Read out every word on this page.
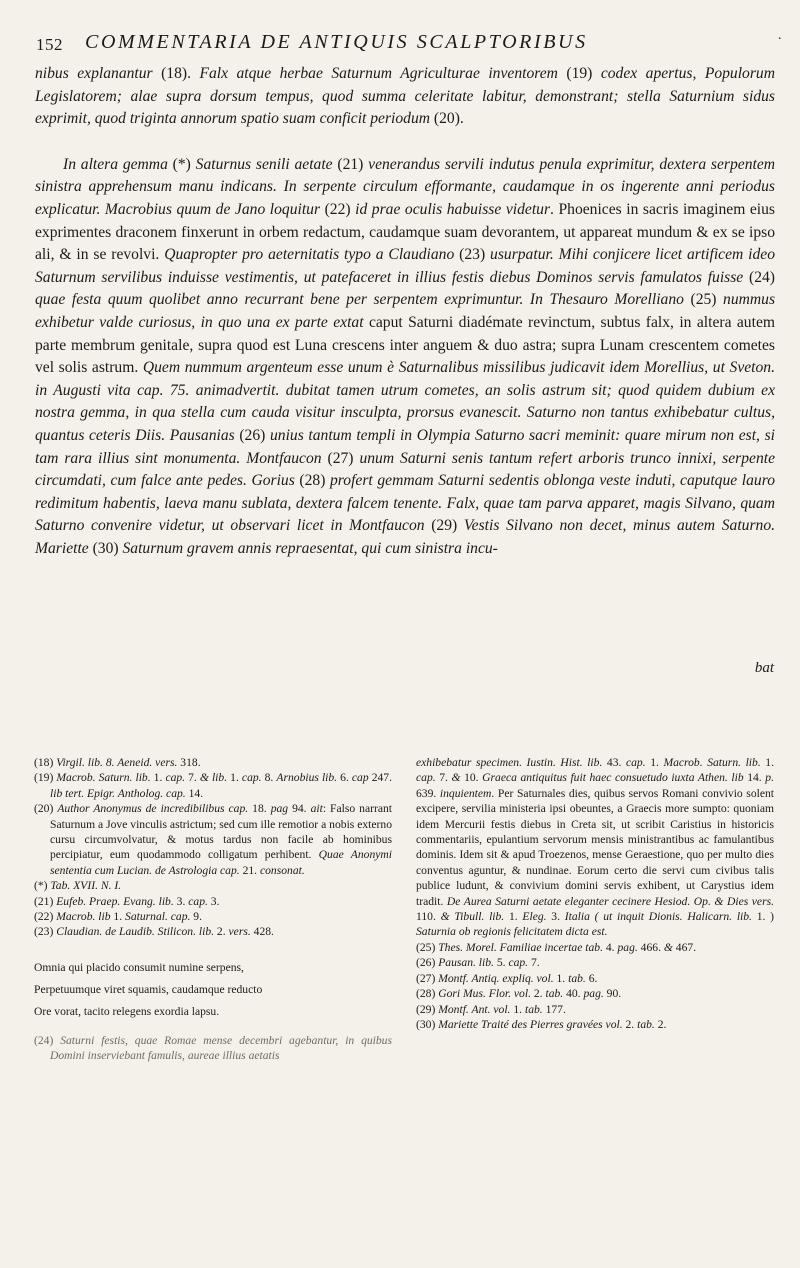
152 COMMENTARIA DE ANTIQUIS SCALPTORIBUS	·

nibus explanantur (18). Falx atque herbae Saturnum Agriculturae inventorem (19) codex apertus, Populorum Legislatorem; alae supra dorsum tempus, quod summa celeritate labitur, demonstrant; stella Saturnium sidus exprimit, quod triginta annorum spatio suam conficit periodum (20).

In altera gemma (*) Saturnus senili aetate (21) venerandus servili indutus penula exprimitur, dextera serpentem sinistra apprehensum manu indicans. In serpente circulum efformante, caudamque in os ingerente anni periodus explicatur. Macrobius quum de Jano loquitur (22) id prae oculis habuisse videtur. Phoenices in sacris imaginem eius exprimentes draconem finxerunt in orbem redactum, caudamque suam devorantem, ut appareat mundum & ex se ipso ali, & in se revolvi. Quapropter pro aeternitatis typo a Claudiano (23) usurpatur. Mihi conjicere licet artificem ideo Saturnum servilibus induisse vestimentis, ut patefaceret in illius festis diebus Dominos servis famulatos fuisse (24) quae festa quum quolibet anno recurrant bene per serpentem exprimuntur. In Thesauro Morelliano (25) nummus exhibetur valde curiosus, in quo una ex parte extat caput Saturni diadémate revinctum, subtus falx, in altera autem parte membrum genitale, supra quod est Luna crescens inter anguem & duo astra; supra Lunam crescentem cometes vel solis astrum. Quem nummum argenteum esse unum è Saturnalibus missilibus judicavit idem Morellius, ut Sveton. in Augusti vita cap. 75. animadvertit. dubitat tamen utrum cometes, an solis astrum sit; quod quidem dubium ex nostra gemma, in qua stella cum cauda visitur insculpta, prorsus evanescit. Saturno non tantus exhibebatur cultus, quantus ceteris Diis. Pausanias (26) unius tantum templi in Olympia Saturno sacri meminit: quare mirum non est, si tam rara illius sint monumenta. Montfaucon (27) unum Saturni senis tantum refert arboris trunco innixi, serpente circumdati, cum falce ante pedes. Gorius (28) profert gemmam Saturni sedentis oblonga veste induti, caputque lauro redimitum habentis, laeva manu sublata, dextera falcem tenente. Falx, quae tam parva apparet, magis Silvano, quam Saturno convenire videtur, ut observari licet in Montfaucon (29) Vestis Silvano non decet, minus autem Saturno. Mariette (30) Saturnum gravem annis repraesentat, qui cum sinistra incu-

bat

(18) Virgil. lib. 8. Aeneid. vers. 318.

(19) Macrob. Saturn. lib. 1. cap. 7. & lib. 1. cap. 8. Arnobius lib. 6. cap 247. lib tert. Epigr. Antholog. cap. 14.

(20) Author Anonymus de incredibilibus cap. 18. pag 94. ait: Falso narrant Saturnum a Jove vinculis astrictum; sed cum ille remotior a nobis externo cursu circumvolvatur, & motus tardus non facile ab hominibus percipiatur, eum quodammodo colligatum perhibent. Quae Anonymi sententia cum Lucian. de Astrologia cap. 21. consonat.

(*) Tab. XVII. N. I.

(21) Eufeb. Praep. Evang. lib. 3. cap. 3.

(22) Macrob. lib 1. Saturnal. cap. 9.

(23) Claudian. de Laudib. Stilicon. lib. 2. vers. 428.

Omnia qui placido consumit numine serpens,
Perpetuumque viret squamis, caudamque reducto
Ore vorat, tacito relegens exordia lapsu.

(24) Saturni festis, quae Romae mense decembri agebantur, in quibus Domini inserviebant famulis, aureae illius aetatis

exhibebatur specimen. Iustin. Hist. lib. 43. cap. 1. Macrob. Saturn. lib. 1. cap. 7. & 10. Graeca antiquitus fuit haec consuetudo iuxta Athen. lib 14. p. 639. inquientem. Per Saturnales dies, quibus servos Romani convivio solent excipere, servilia ministeria ipsi obeuntes, a Graecis more sumpto: quoniam idem Mercurii festis diebus in Creta sit, ut scribit Caristius in historicis commentariis, epulantium servorum mensis ministrantibus ac famulantibus dominis. Idem sit & apud Troezenos, mense Geraestione, quo per multo dies conventus aguntur, & nundinae. Eorum certo die servi cum civibus talis publice ludunt, & convivium domini servis exhibent, ut Carystius idem tradit. De Aurea Saturni aetate eleganter cecinere Hesiod. Op. & Dies vers. 110. & Tibull. lib. 1. Eleg. 3. Italia ( ut inquit Dionis. Halicarn. lib. 1. ) Saturnia ob regionis felicitatem dicta est.

(25) Thes. Morel. Familiae incertae tab. 4. pag. 466. & 467.

(26) Pausan. lib. 5. cap. 7.

(27) Montf. Antiq. expliq. vol. 1. tab. 6.

(28) Gori Mus. Flor. vol. 2. tab. 40. pag. 90.

(29) Montf. Ant. vol. 1. tab. 177.

(30) Mariette Traité des Pierres gravées vol. 2. tab. 2.
